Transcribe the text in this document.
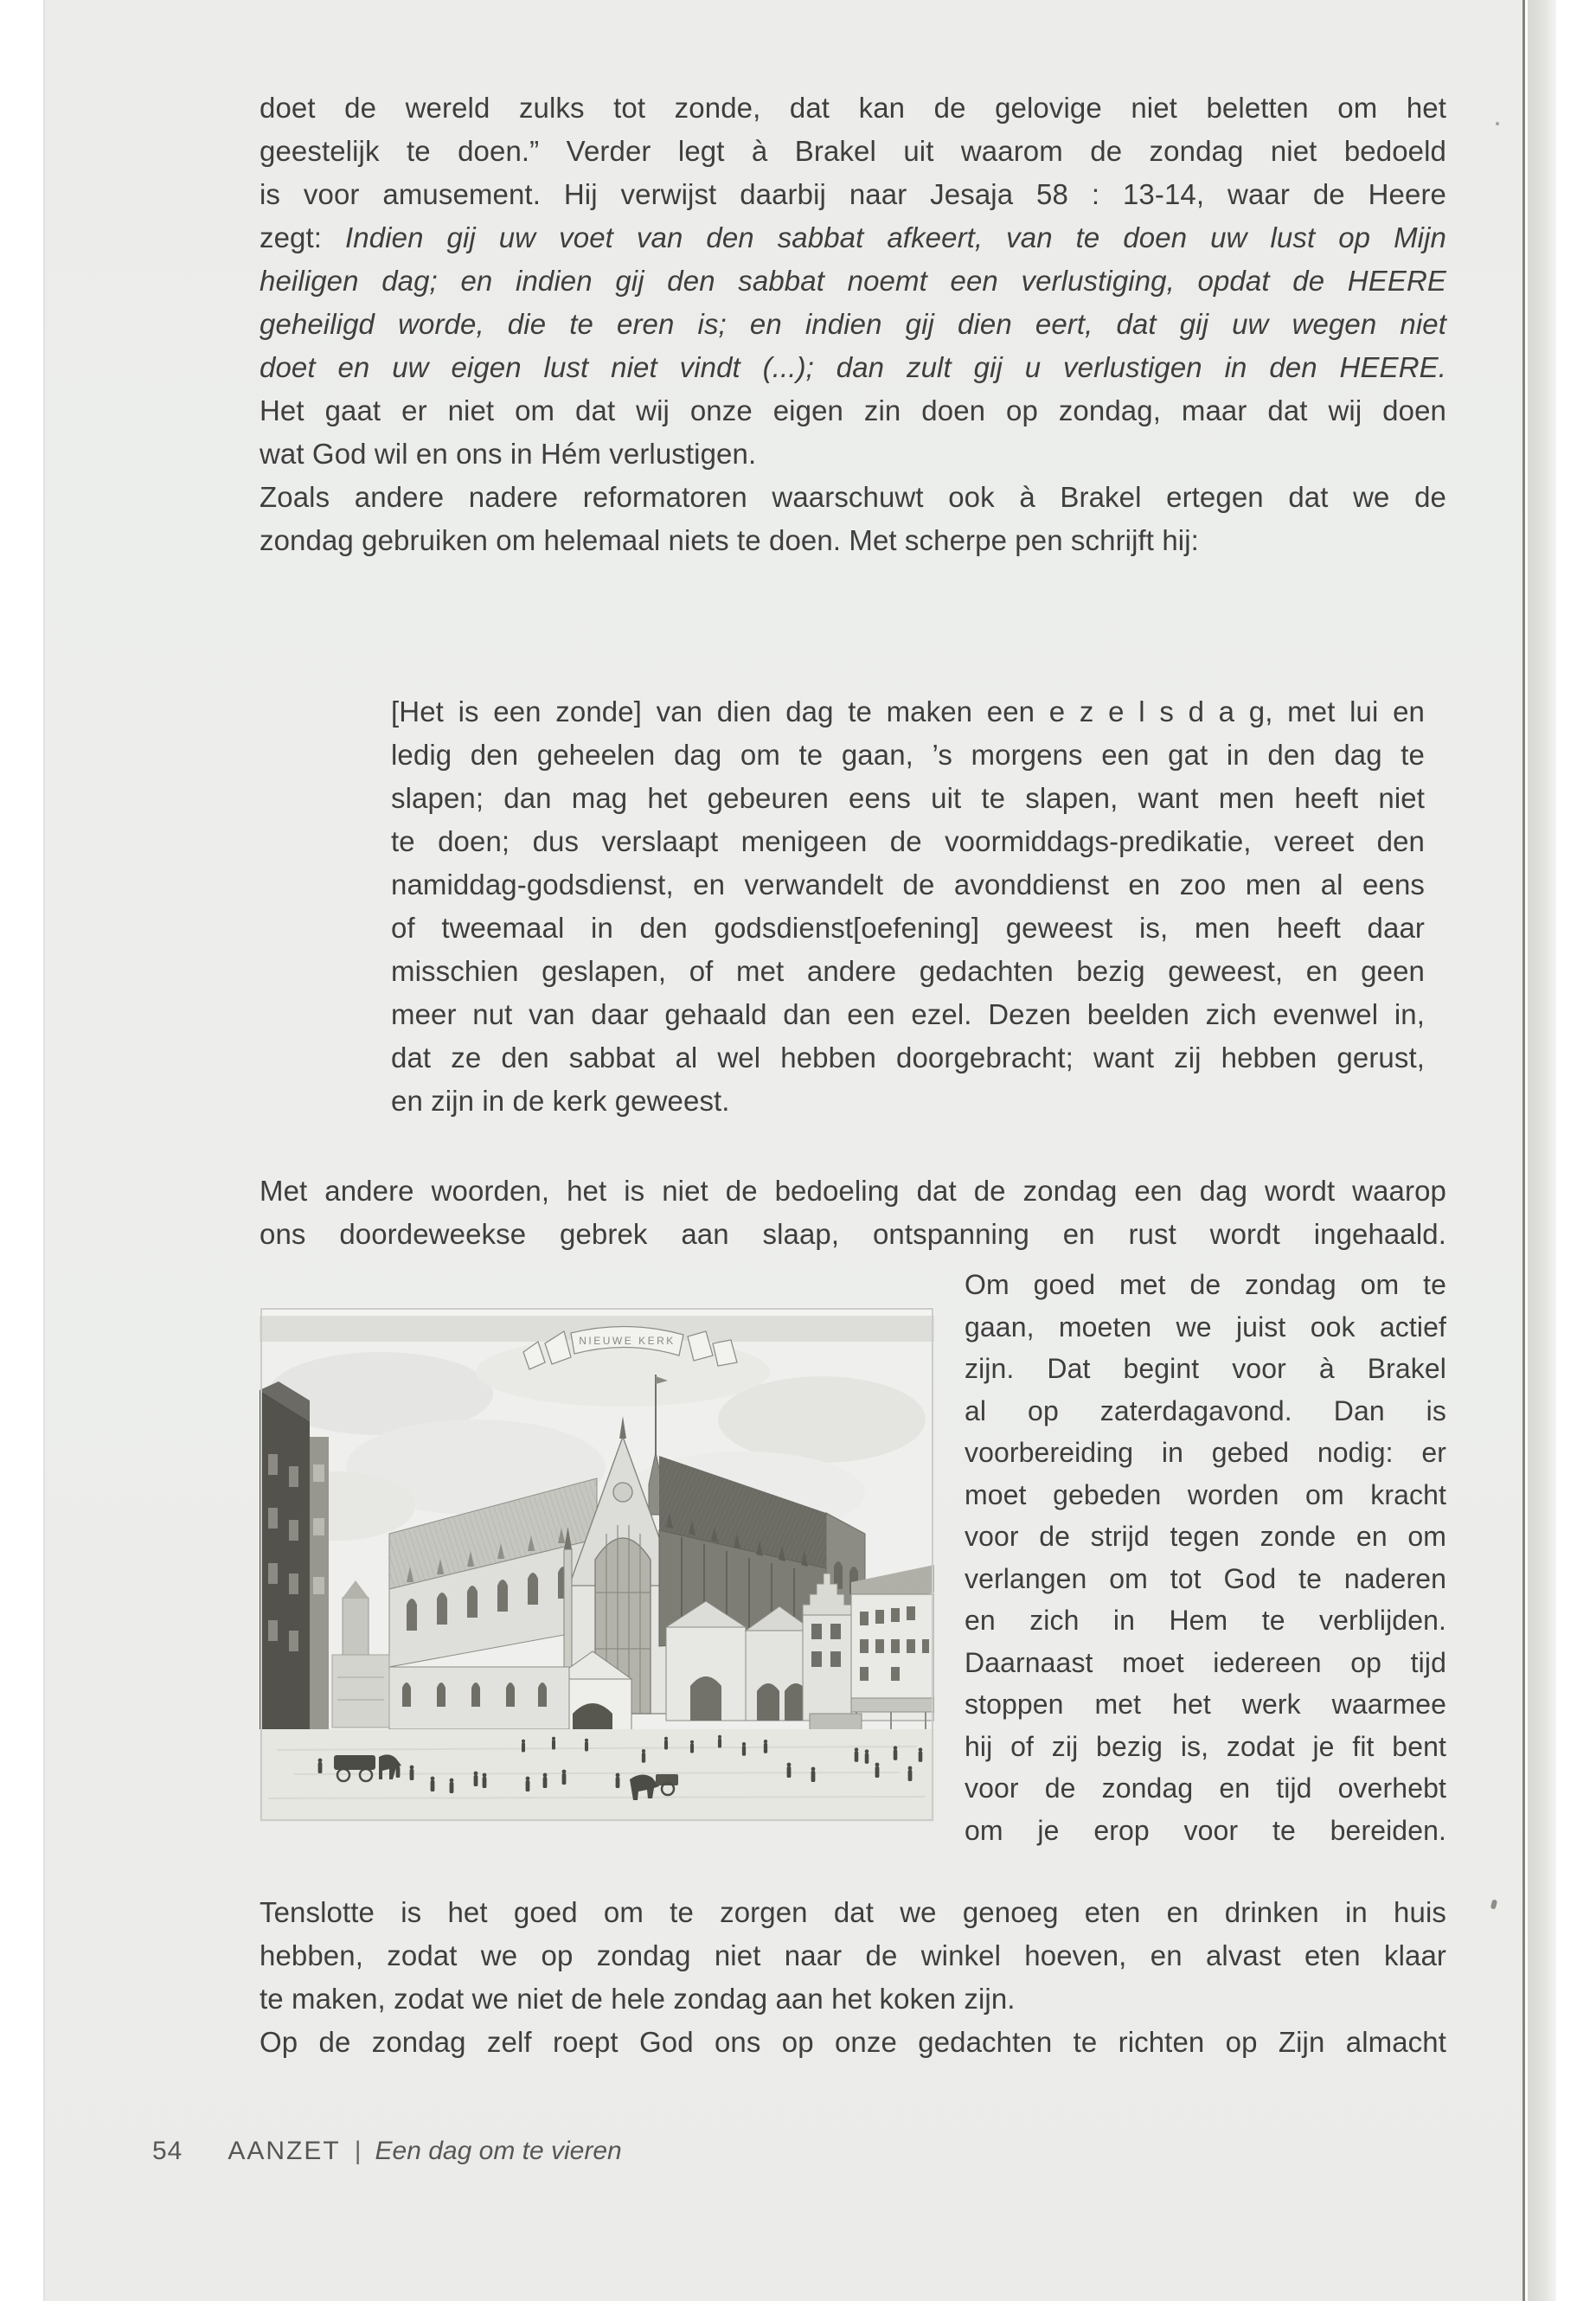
doet de wereld zulks tot zonde, dat kan de gelovige niet beletten om het
geestelijk te doen.” Verder legt à Brakel uit waarom de zondag niet bedoeld
is voor amusement. Hij verwijst daarbij naar Jesaja 58 : 13-14, waar de Heere
zegt: Indien gij uw voet van den sabbat afkeert, van te doen uw lust op Mijn
heiligen dag; en indien gij den sabbat noemt een verlustiging, opdat de HEERE
geheiligd worde, die te eren is; en indien gij dien eert, dat gij uw wegen niet
doet en uw eigen lust niet vindt (...); dan zult gij u verlustigen in den HEERE.
Het gaat er niet om dat wij onze eigen zin doen op zondag, maar dat wij doen
wat God wil en ons in Hém verlustigen.
Zoals andere nadere reformatoren waarschuwt ook à Brakel ertegen dat we de
zondag gebruiken om helemaal niets te doen. Met scherpe pen schrijft hij:
[Het is een zonde] van dien dag te maken een e z e l s d a g, met lui en
ledig den geheelen dag om te gaan, ’s morgens een gat in den dag te
slapen; dan mag het gebeuren eens uit te slapen, want men heeft niet
te doen; dus verslaapt menigeen de voormiddags-predikatie, vereet den
namiddag-godsdienst, en verwandelt de avonddienst en zoo men al eens
of tweemaal in den godsdienst[oefening] geweest is, men heeft daar
misschien geslapen, of met andere gedachten bezig geweest, en geen
meer nut van daar gehaald dan een ezel. Dezen beelden zich evenwel in,
dat ze den sabbat al wel hebben doorgebracht; want zij hebben gerust,
en zijn in de kerk geweest.
Met andere woorden, het is niet de bedoeling dat de zondag een dag wordt waarop
ons doordeweekse gebrek aan slaap, ontspanning en rust wordt ingehaald.
NIEUWE KERK
Om goed met de zondag om te
gaan, moeten we juist ook actief
zijn. Dat begint voor à Brakel
al op zaterdagavond. Dan is
voorbereiding in gebed nodig: er
moet gebeden worden om kracht
voor de strijd tegen zonde en om
verlangen om tot God te naderen
en zich in Hem te verblijden.
Daarnaast moet iedereen op tijd
stoppen met het werk waarmee
hij of zij bezig is, zodat je fit bent
voor de zondag en tijd overhebt
om je erop voor te bereiden.
Tenslotte is het goed om te zorgen dat we genoeg eten en drinken in huis
hebben, zodat we op zondag niet naar de winkel hoeven, en alvast eten klaar
te maken, zodat we niet de hele zondag aan het koken zijn.
Op de zondag zelf roept God ons op onze gedachten te richten op Zijn almacht
54 AANZET | Een dag om te vieren
